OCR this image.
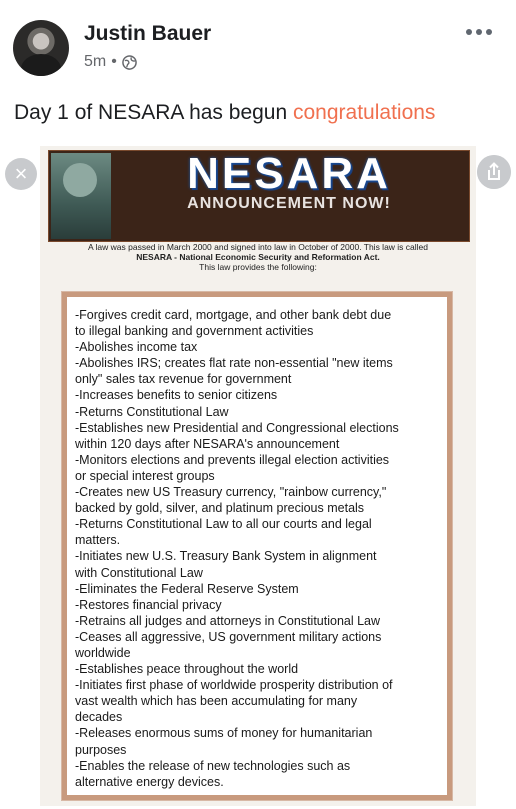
Justin Bauer
5m •
Day 1 of NESARA has begun congratulations
NESARA
ANNOUNCEMENT NOW!
A law was passed in March 2000 and signed into law in October of 2000. This law is called
NESARA - National Economic Security and Reformation Act.
This law provides the following:
-Forgives credit card, mortgage, and other bank debt due
to illegal banking and government activities
-Abolishes income tax
-Abolishes IRS; creates flat rate non-essential "new items
only" sales tax revenue for government
-Increases benefits to senior citizens
-Returns Constitutional Law
-Establishes new Presidential and Congressional elections
within 120 days after NESARA's announcement
-Monitors elections and prevents illegal election activities
or special interest groups
-Creates new US Treasury currency, "rainbow currency,"
backed by gold, silver, and platinum precious metals
-Returns Constitutional Law to all our courts and legal
matters.
-Initiates new U.S. Treasury Bank System in alignment
with Constitutional Law
-Eliminates the Federal Reserve System
-Restores financial privacy
-Retrains all judges and attorneys in Constitutional Law
-Ceases all aggressive, US government military actions
worldwide
-Establishes peace throughout the world
-Initiates first phase of worldwide prosperity distribution of
vast wealth which has been accumulating for many
decades
-Releases enormous sums of money for humanitarian
purposes
-Enables the release of new technologies such as
alternative energy devices.
×
